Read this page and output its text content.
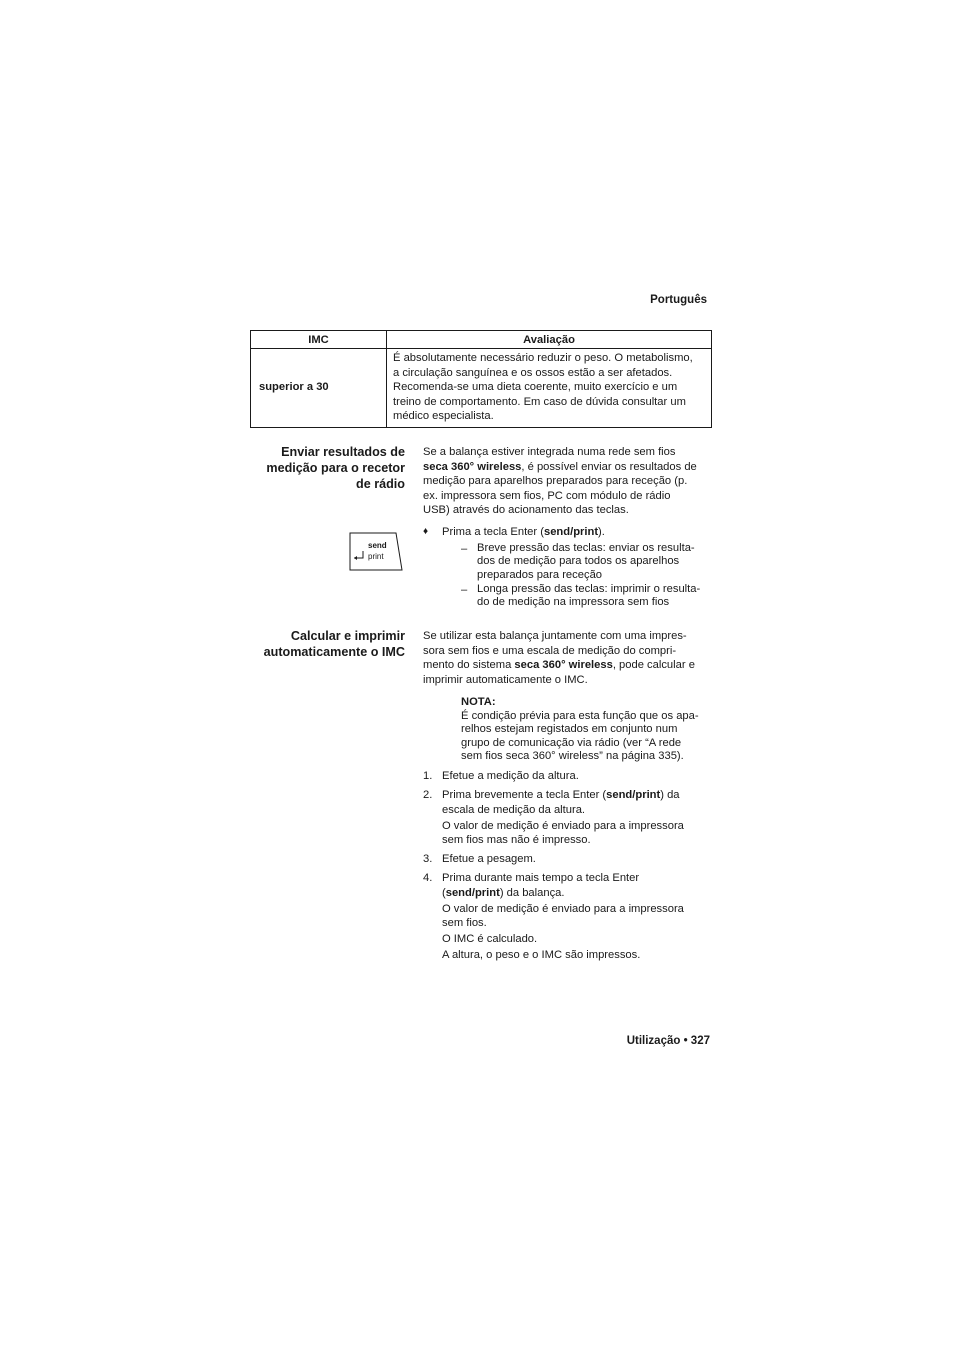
Português
IMC	Avaliação
superior a 30	É absolutamente necessário reduzir o peso. O metabolismo,
a circulação sanguínea e os ossos estão a ser afetados.
Recomenda-se uma dieta coerente, muito exercício e um
treino de comportamento. Em caso de dúvida consultar um
médico especialista.
Enviar resultados de
medição para o recetor
de rádio
Se a balança estiver integrada numa rede sem fios
seca 360° wireless, é possível enviar os resultados de
medição para aparelhos preparados para receção (p.
ex. impressora sem fios, PC com módulo de rádio
USB) através do acionamento das teclas.
send
print
♦ Prima a tecla Enter (send/print).
– Breve pressão das teclas: enviar os resulta-
dos de medição para todos os aparelhos
preparados para receção
– Longa pressão das teclas: imprimir o resulta-
do de medição na impressora sem fios
Calcular e imprimir
automaticamente o IMC
Se utilizar esta balança juntamente com uma impres-
sora sem fios e uma escala de medição do compri-
mento do sistema seca 360° wireless, pode calcular e
imprimir automaticamente o IMC.
NOTA:
É condição prévia para esta função que os apa-
relhos estejam registados em conjunto num
grupo de comunicação via rádio (ver “A rede
sem fios seca 360° wireless” na página 335).
1. Efetue a medição da altura.
2. Prima brevemente a tecla Enter (send/print) da
escala de medição da altura.
O valor de medição é enviado para a impressora
sem fios mas não é impresso.
3. Efetue a pesagem.
4. Prima durante mais tempo a tecla Enter
(send/print) da balança.
O valor de medição é enviado para a impressora
sem fios.
O IMC é calculado.
A altura, o peso e o IMC são impressos.
Utilização • 327
